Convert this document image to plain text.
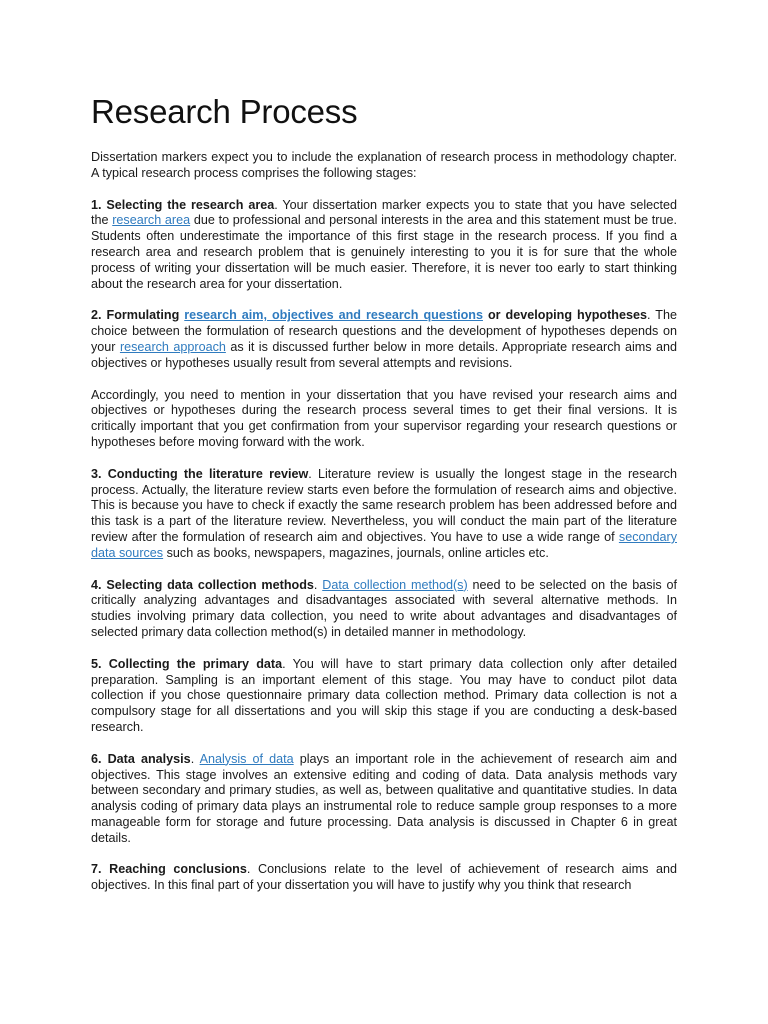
Research Process

Dissertation markers expect you to include the explanation of research process in methodology chapter. A typical research process comprises the following stages:

1. Selecting the research area. Your dissertation marker expects you to state that you have selected the research area due to professional and personal interests in the area and this statement must be true. Students often underestimate the importance of this first stage in the research process. If you find a research area and research problem that is genuinely interesting to you it is for sure that the whole process of writing your dissertation will be much easier. Therefore, it is never too early to start thinking about the research area for your dissertation.

2. Formulating research aim, objectives and research questions or developing hypotheses. The choice between the formulation of research questions and the development of hypotheses depends on your research approach as it is discussed further below in more details. Appropriate research aims and objectives or hypotheses usually result from several attempts and revisions.

Accordingly, you need to mention in your dissertation that you have revised your research aims and objectives or hypotheses during the research process several times to get their final versions. It is critically important that you get confirmation from your supervisor regarding your research questions or hypotheses before moving forward with the work.

3. Conducting the literature review. Literature review is usually the longest stage in the research process. Actually, the literature review starts even before the formulation of research aims and objective. This is because you have to check if exactly the same research problem has been addressed before and this task is a part of the literature review. Nevertheless, you will conduct the main part of the literature review after the formulation of research aim and objectives. You have to use a wide range of secondary data sources such as books, newspapers, magazines, journals, online articles etc.

4. Selecting data collection methods. Data collection method(s) need to be selected on the basis of critically analyzing advantages and disadvantages associated with several alternative methods. In studies involving primary data collection, you need to write about advantages and disadvantages of selected primary data collection method(s) in detailed manner in methodology.

5. Collecting the primary data. You will have to start primary data collection only after detailed preparation. Sampling is an important element of this stage. You may have to conduct pilot data collection if you chose questionnaire primary data collection method. Primary data collection is not a compulsory stage for all dissertations and you will skip this stage if you are conducting a desk-based research.

6. Data analysis. Analysis of data plays an important role in the achievement of research aim and objectives. This stage involves an extensive editing and coding of data. Data analysis methods vary between secondary and primary studies, as well as, between qualitative and quantitative studies. In data analysis coding of primary data plays an instrumental role to reduce sample group responses to a more manageable form for storage and future processing. Data analysis is discussed in Chapter 6 in great details.

7. Reaching conclusions. Conclusions relate to the level of achievement of research aims and objectives. In this final part of your dissertation you will have to justify why you think that research
